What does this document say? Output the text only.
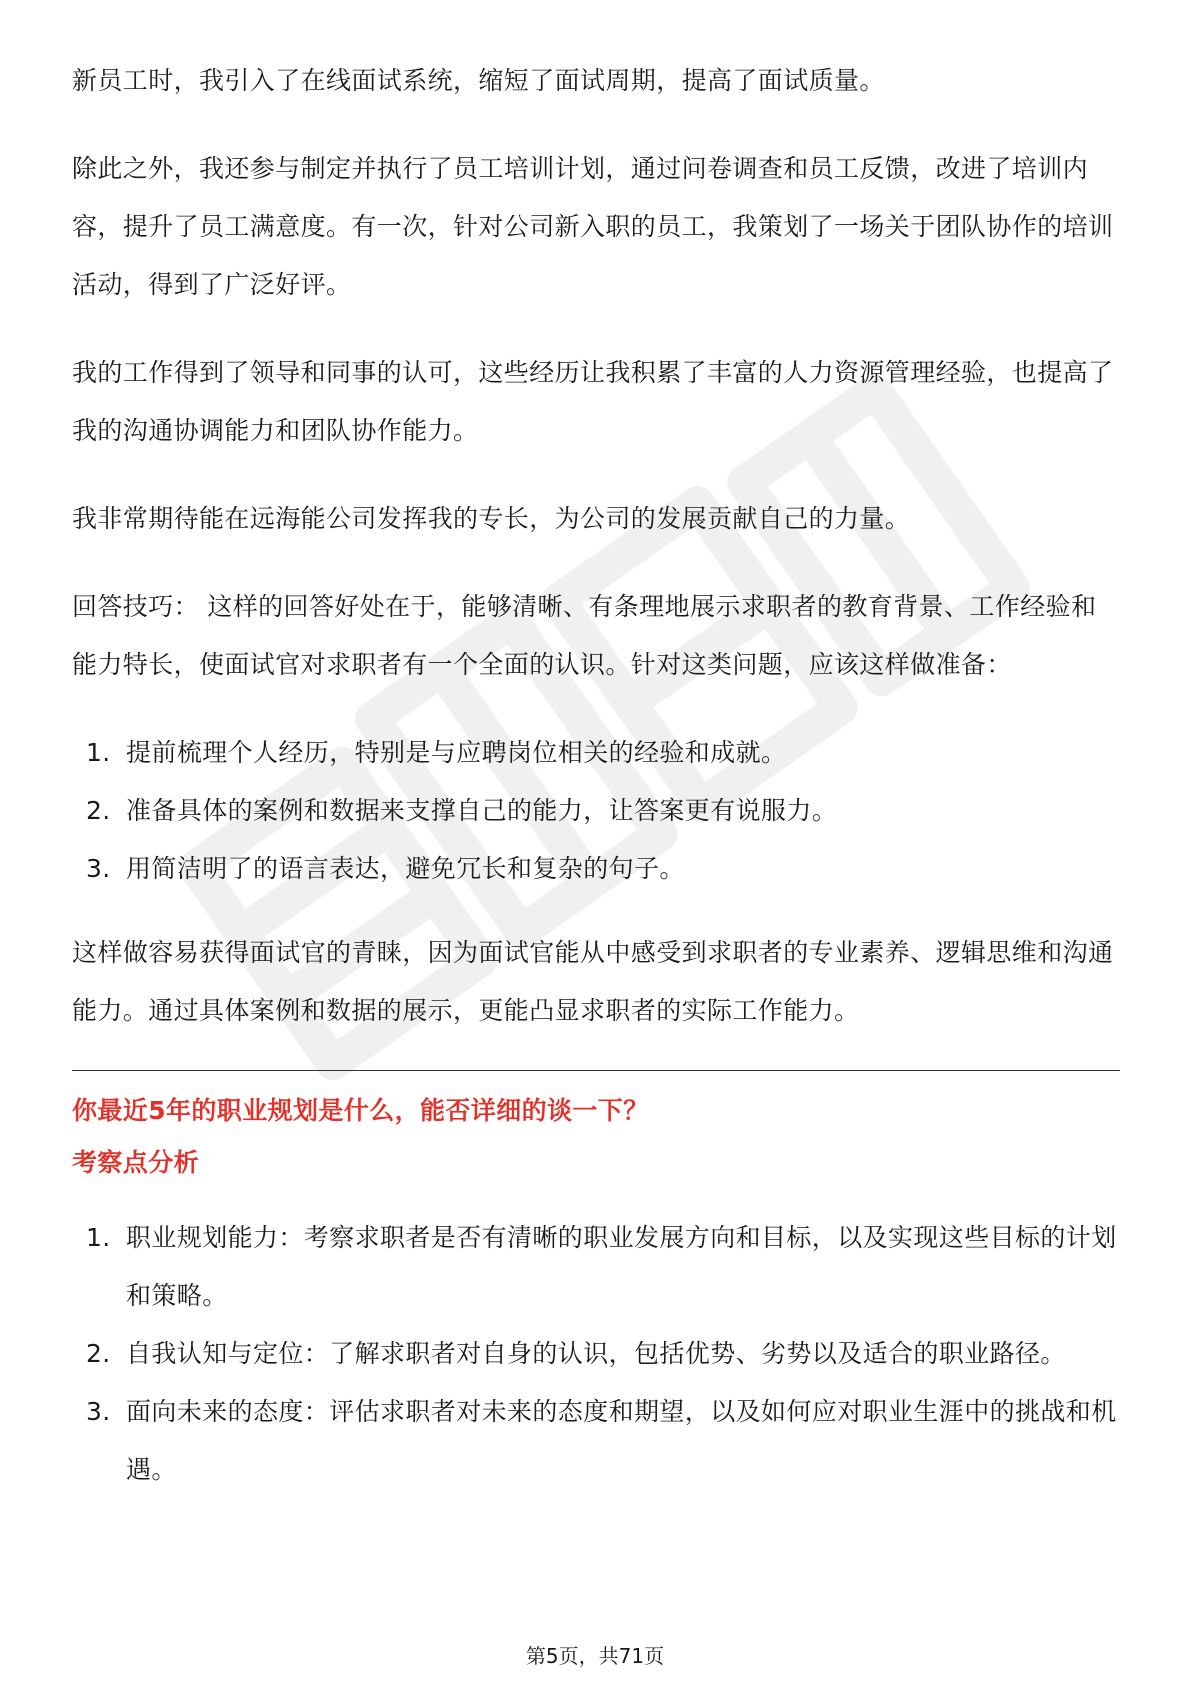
新员工时，我引入了在线面试系统，缩短了面试周期，提高了面试质量。

除此之外，我还参与制定并执行了员工培训计划，通过问卷调查和员工反馈，改进了培训内容，提升了员工满意度。有一次，针对公司新入职的员工，我策划了一场关于团队协作的培训活动，得到了广泛好评。

我的工作得到了领导和同事的认可，这些经历让我积累了丰富的人力资源管理经验，也提高了我的沟通协调能力和团队协作能力。

我非常期待能在远海能公司发挥我的专长，为公司的发展贡献自己的力量。

回答技巧： 这样的回答好处在于，能够清晰、有条理地展示求职者的教育背景、工作经验和能力特长，使面试官对求职者有一个全面的认识。针对这类问题，应该这样做准备：

1. 提前梳理个人经历，特别是与应聘岗位相关的经验和成就。
2. 准备具体的案例和数据来支撑自己的能力，让答案更有说服力。
3. 用简洁明了的语言表达，避免冗长和复杂的句子。

这样做容易获得面试官的青睐，因为面试官能从中感受到求职者的专业素养、逻辑思维和沟通能力。通过具体案例和数据的展示，更能凸显求职者的实际工作能力。

你最近5年的职业规划是什么，能否详细的谈一下？

考察点分析

1. 职业规划能力：考察求职者是否有清晰的职业发展方向和目标，以及实现这些目标的计划和策略。
2. 自我认知与定位：了解求职者对自身的认识，包括优势、劣势以及适合的职业路径。
3. 面向未来的态度：评估求职者对未来的态度和期望，以及如何应对职业生涯中的挑战和机遇。
第5页，共71页
